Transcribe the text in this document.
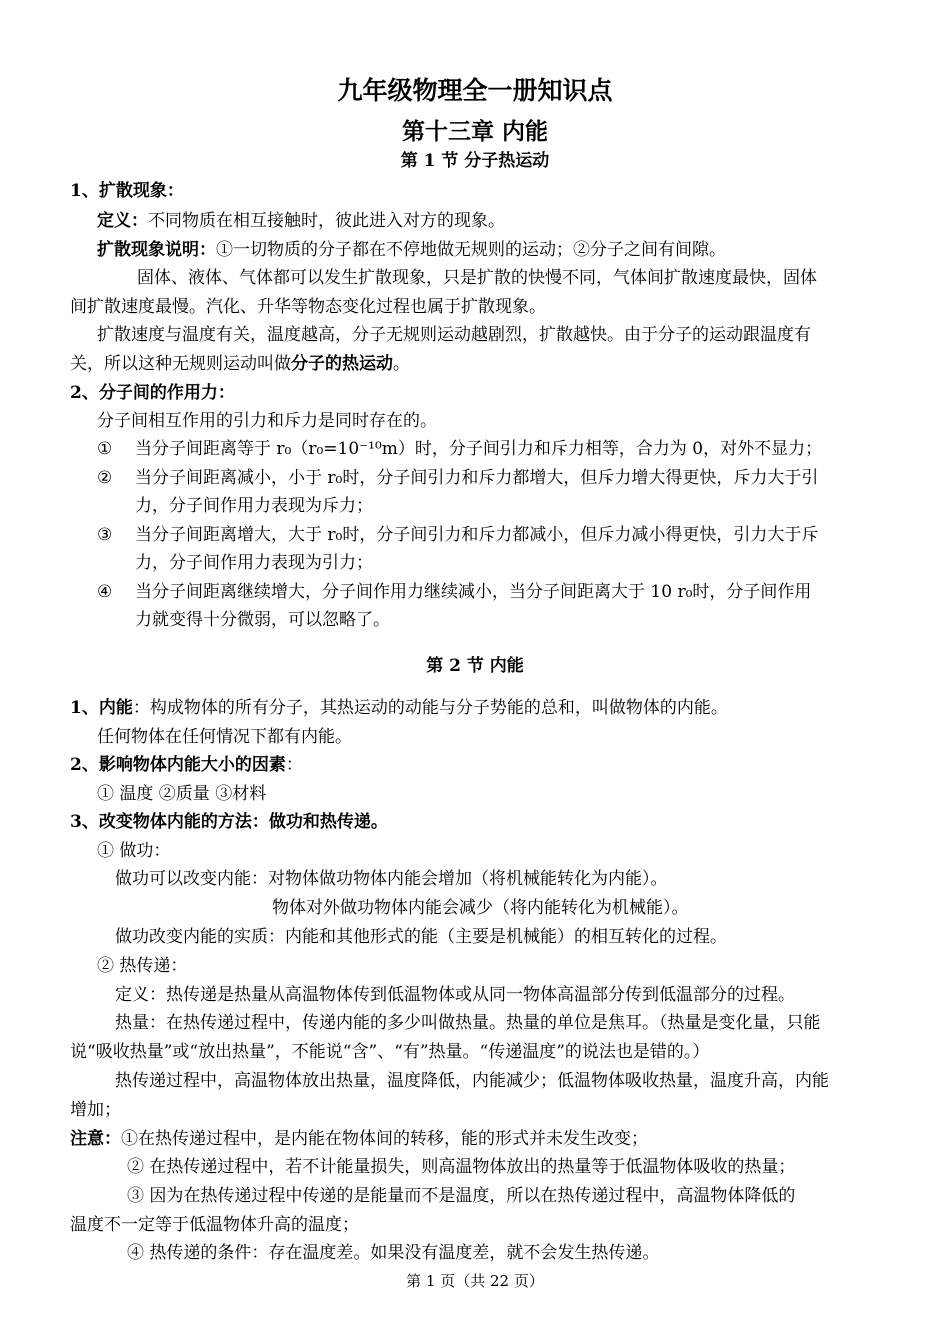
九年级物理全一册知识点
第十三章 内能
第 1 节 分子热运动
1、扩散现象：
定义：不同物质在相互接触时，彼此进入对方的现象。
扩散现象说明：①一切物质的分子都在不停地做无规则的运动；②分子之间有间隙。
固体、液体、气体都可以发生扩散现象，只是扩散的快慢不同，气体间扩散速度最快，固体
间扩散速度最慢。汽化、升华等物态变化过程也属于扩散现象。
扩散速度与温度有关，温度越高，分子无规则运动越剧烈，扩散越快。由于分子的运动跟温度有
关，所以这种无规则运动叫做分子的热运动。
2、分子间的作用力：
分子间相互作用的引力和斥力是同时存在的。
① 当分子间距离等于 r₀（r₀=10⁻¹⁰m）时，分子间引力和斥力相等，合力为 0，对外不显力；
② 当分子间距离减小，小于 r₀时，分子间引力和斥力都增大，但斥力增大得更快，斥力大于引
力，分子间作用力表现为斥力；
③ 当分子间距离增大，大于 r₀时，分子间引力和斥力都减小，但斥力减小得更快，引力大于斥
力，分子间作用力表现为引力；
④ 当分子间距离继续增大，分子间作用力继续减小，当分子间距离大于 10 r₀时，分子间作用
力就变得十分微弱，可以忽略了。
第 2 节 内能
1、内能：构成物体的所有分子，其热运动的动能与分子势能的总和，叫做物体的内能。
任何物体在任何情况下都有内能。
2、影响物体内能大小的因素：
① 温度 ②质量 ③材料
3、改变物体内能的方法：做功和热传递。
① 做功：
做功可以改变内能：对物体做功物体内能会增加（将机械能转化为内能）。
物体对外做功物体内能会减少（将内能转化为机械能）。
做功改变内能的实质：内能和其他形式的能（主要是机械能）的相互转化的过程。
② 热传递：
定义：热传递是热量从高温物体传到低温物体或从同一物体高温部分传到低温部分的过程。
热量：在热传递过程中，传递内能的多少叫做热量。热量的单位是焦耳。（热量是变化量，只能
说“吸收热量”或“放出热量”，不能说“含”、“有”热量。“传递温度”的说法也是错的。）
热传递过程中，高温物体放出热量，温度降低，内能减少；低温物体吸收热量，温度升高，内能
增加；
注意：①在热传递过程中，是内能在物体间的转移，能的形式并未发生改变；
② 在热传递过程中，若不计能量损失，则高温物体放出的热量等于低温物体吸收的热量；
③ 因为在热传递过程中传递的是能量而不是温度，所以在热传递过程中，高温物体降低的
温度不一定等于低温物体升高的温度；
④ 热传递的条件：存在温度差。如果没有温度差，就不会发生热传递。
第 1 页（共 22 页）
